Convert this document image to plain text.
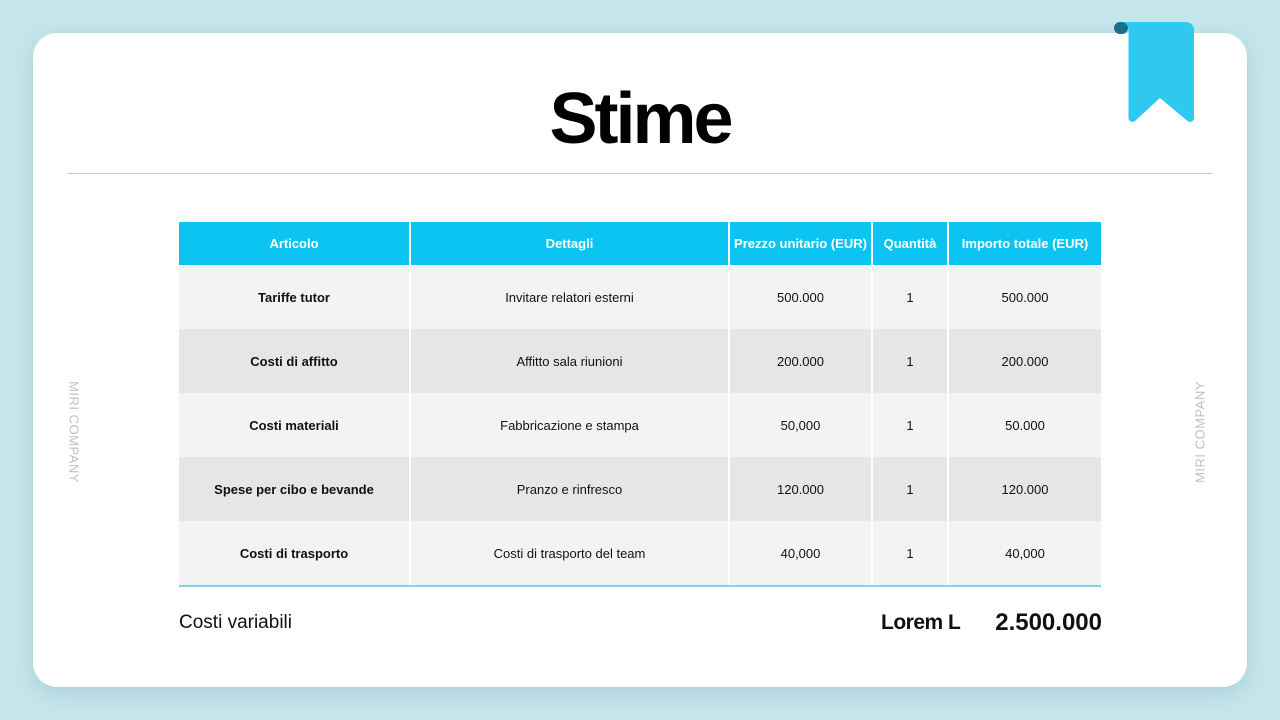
Stime
MIRI COMPANY	MIRI COMPANY
Articolo	Dettagli	Prezzo unitario (EUR)	Quantità	Importo totale (EUR)
Tariffe tutor	Invitare relatori esterni	500.000	1	500.000
Costi di affitto	Affitto sala riunioni	200.000	1	200.000
Costi materiali	Fabbricazione e stampa	50,000	1	50.000
Spese per cibo e bevande	Pranzo e rinfresco	120.000	1	120.000
Costi di trasporto	Costi di trasporto del team	40,000	1	40,000
Costi variabili	Lorem L 2.500.000
